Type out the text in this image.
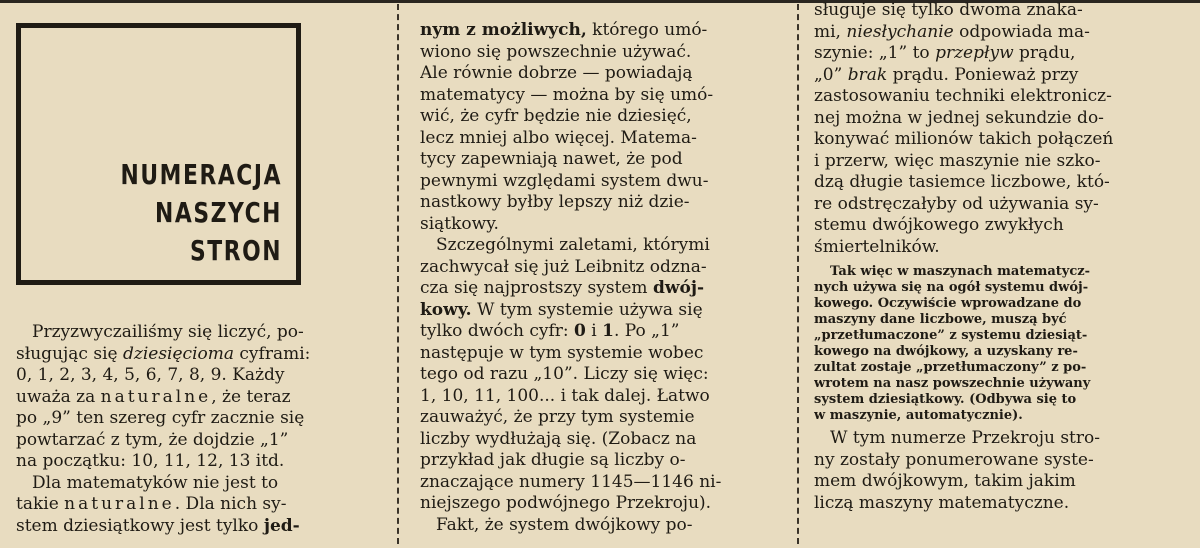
NUMERACJA
NASZYCH
STRON

Przyzwyczailiśmy się liczyć, po-
sługując się dziesięcioma cyframi:
0, 1, 2, 3, 4, 5, 6, 7, 8, 9. Każdy
uważa za naturalne, że teraz
po „9” ten szereg cyfr zacznie się
powtarzać z tym, że dojdzie „1”
na początku: 10, 11, 12, 13 itd.

Dla matematyków nie jest to
takie naturalne. Dla nich sy-
stem dziesiątkowy jest tylko jed-

nym z możliwych, którego umó-
wiono się powszechnie używać.
Ale równie dobrze — powiadają
matematycy — można by się umó-
wić, że cyfr będzie nie dziesięć,
lecz mniej albo więcej. Matema-
tycy zapewniają nawet, że pod
pewnymi względami system dwu-
nastkowy byłby lepszy niż dzie-
siątkowy.

Szczególnymi zaletami, którymi
zachwycał się już Leibnitz odzna-
cza się najprostszy system dwój-
kowy. W tym systemie używa się
tylko dwóch cyfr: 0 i 1. Po „1”
następuje w tym systemie wobec
tego od razu „10”. Liczy się więc:
1, 10, 11, 100... i tak dalej. Łatwo
zauważyć, że przy tym systemie
liczby wydłużają się. (Zobacz na
przykład jak długie są liczby o-
znaczające numery 1145—1146 ni-
niejszego podwójnego Przekroju).

Fakt, że system dwójkowy po-

sługuje się tylko dwoma znaka-
mi, niesłychanie odpowiada ma-
szynie: „1” to przepływ prądu,
„0” brak prądu. Ponieważ przy
zastosowaniu techniki elektronicz-
nej można w jednej sekundzie do-
konywać milionów takich połączeń
i przerw, więc maszynie nie szko-
dzą długie tasiemce liczbowe, któ-
re odstręczałyby od używania sy-
stemu dwójkowego zwykłych
śmiertelników.

Tak więc w maszynach matematycz-
nych używa się na ogół systemu dwój-
kowego. Oczywiście wprowadzane do
maszyny dane liczbowe, muszą być
„przetłumaczone” z systemu dziesiąt-
kowego na dwójkowy, a uzyskany re-
zultat zostaje „przetłumaczony” z po-
wrotem na nasz powszechnie używany
system dziesiątkowy. (Odbywa się to
w maszynie, automatycznie).

W tym numerze Przekroju stro-
ny zostały ponumerowane syste-
mem dwójkowym, takim jakim
liczą maszyny matematyczne.
